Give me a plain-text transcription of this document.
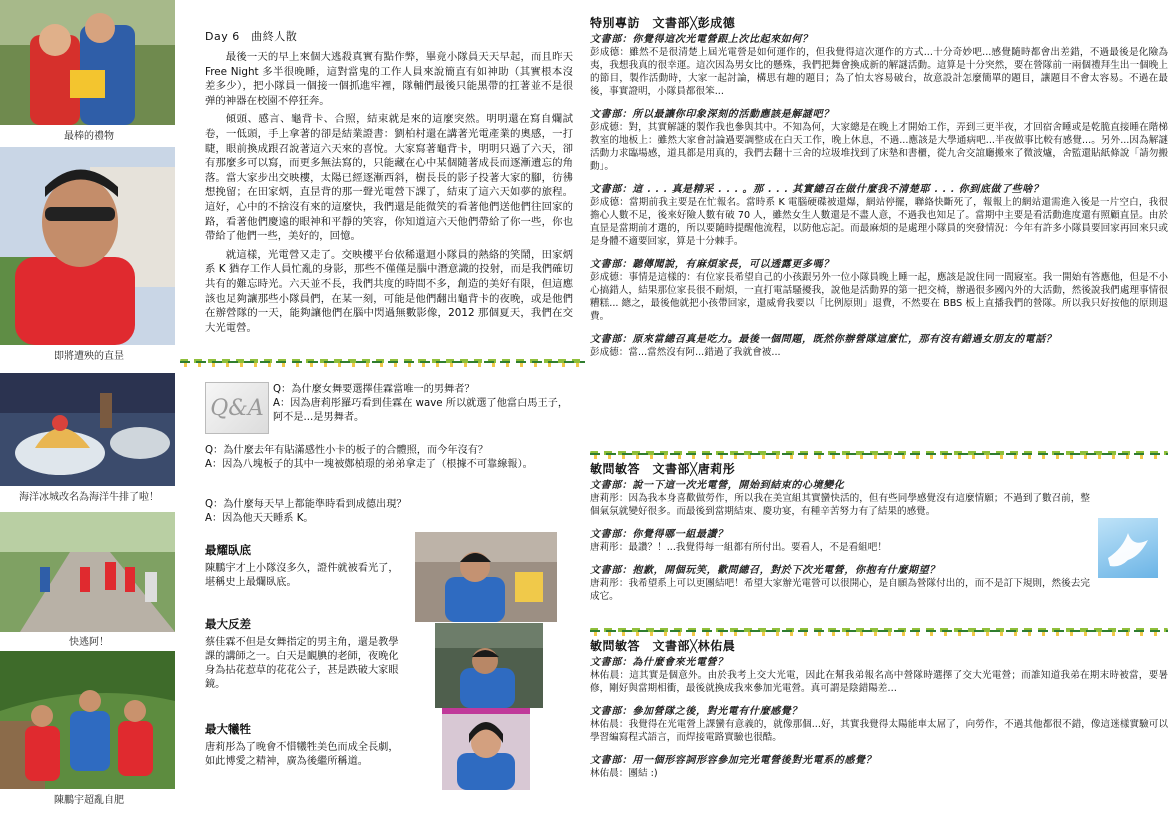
最棒的禮物
即將遭殃的直昰
海洋冰城改名為海洋牛排了啦！
快逃阿！
陳鵬宇超亂自肥
Day 6　曲終人散

最後一天的早上來個大逃殺真實有點作弊，畢竟小隊員天天早起，而且昨天 Free Night 多半很晚睡，這對當鬼的工作人員來說簡直有如神助（其實根本沒差多少），把小隊員一個接一個抓進牢裡，隊輔們最後只能黑帶的扛著並不是很弹的神器在校園不停狂奔。

傾頭、感言、龜背卡、合照，結束就是來的這麼突然。明明還在寫自爛試卷，一低頭，手上拿著的卻是結業證書：劉柏村還在講著光電產業的奧感，一打睫，眼前換成跟召說著這六天來的喜悅。大家寫著龜背卡，明明只過了六天，卻有那麼多可以寫，而更多無法寫的，只能藏在心中某個隨著成長而逐漸遺忘的角落。當大家步出交映樓，太陽已經逐漸西斜，樹長長的影子投著大家的腳，彷彿想挽留；在田家炳，直昰背的那一聲光電營下課了，結束了這六天如夢的旅程。這好，心中的不捨沒有來的這麼快，我們還是能微笑的看著他們送他們往回家的路，看著他們慶遠的眼神和平靜的笑容，你知道這六天他們帶給了你一些，你也帶給了他們一些，美好的，回憶。

就這樣，光電營又走了。交映樓平台依稀還迴小隊員的熱絡的笑鬧，田家炳系 K 猶存工作人員忙亂的身影，那些不僅僅是腦中潛意識的投射，而是我們確切共有的難忘時光。六天並不長，我們共度的時間不多，創造的美好有限，但這應該也足夠讓那些小隊員們，在某一刻，可能是他們翻出龜背卡的夜晚，或是他們在辦營隊的一天，能夠讓他們在腦中閃過無數影像，2012 那個夏天，我們在交大光電營。

Q&A
Q：為什麼女舞要選擇佳霖當唯一的男舞者？
A：因為唐莉彤羅巧看到佳霖在 wave 所以就選了他當白馬王子，阿不是...是男舞者。
Q：為什麼去年有貼滿感性小卡的板子的合體照，而今年沒有？
A：因為八塊板子的其中一塊被鄭楨璟的弟弟拿走了（根據不可靠線報）。
Q：為什麼每天早上都能準時看到成德出現？
A：因為他天天睡系 K。
最耀臥底
陳鵬宇才上小隊沒多久，證件就被看光了，堪稱史上最爛臥底。
最大反差
蔡佳霖不但是女舞指定的男主角，還是教學課的講師之一。白天是靦腆的老師，夜晚化身為拈花惹草的花花公子，甚是跌破大家眼鏡。
最大犧牲
唐莉彤為了晚會不惜犧牲美色而成全長劇，如此博愛之精神，廣為後繼所稱道。
特別專訪　文書部╳彭成德
文書部：你覺得這次光電營跟上次比起來如何？
彭成德：雖然不是很清楚上屆光電營是如何運作的，但我覺得這次運作的方式...十分奇妙吧...感覺隨時都會出差錯，不過最後是化險為夷，我想我真的很幸運。這次因為男女比的懸殊，我們把舞會換成新的解謎活動。這算是十分突然，要在營隊前一兩個禮拜生出一個晚上的節目，製作活動時，大家一起討論，構思有趣的題目；為了怕太容易破台，故意設計怎麼簡單的題目，讓題目不會太容易。不過在最後，事實證明，小隊員都很笨...
文書部：所以最讓你印象深刻的活動應該是解謎吧？
彭成德：對，其實解謎的製作我也參與其中。不知為何，大家總是在晚上才開始工作，弄到三更半夜，才回宿舍睡或是乾脆直接睡在階梯教室的地板上：雖然大家會討論過要調整成在白天工作，晚上休息，不過...應該是大學通病吧...半夜做事比較有感覺...。另外...因為解謎活動力求臨場感，道具都是用真的，我們去翻十三舍的垃圾堆找到了床墊和書櫃，從九舍交誼廳搬來了微波爐，舍監還貼紙條說「請勿搬動」。
文書部：這 . . . 真是精采 . . . 。那 . . . 其實總召在做什麼我不清楚耶 . . . 你到底做了些啥？
彭成德：當期前我主要是在忙報名。當時系 K 電腦硬碟被還爆，網站停擺，聯絡快斷死了，報報上的網站還需進入後是一片空白，我很擔心人數不足，後來好險人數有破 70 人，雖然女生人數還是不盡人意，不過我也知足了。當期中主要是看活動進度還有照顧直昰。由於直昰是當期前才選的，所以要隨時提醒他流程，以防他忘記。而最麻煩的是處理小隊員的突發情況：今年有許多小隊員要回家再回來只或是身體不適要回家，算是十分棘手。
文書部：聽傳聞說，有麻煩家長，可以透露更多嗎？
彭成德：事情是這樣的：有位家長希望自己的小孩跟另外一位小隊員晚上睡一起，應該是說住同一間寢室。我一開始有答應他，但是不小心搞錯人，結果那位家長很不耐煩，一直打電話騷擾我，說他是活動界的第一把交椅，辦過很多國內外的大活動，然後說我們處理事情很糟糕... 總之，最後他就把小孩帶回家，還威脅我要以「比例原則」退費，不然要在 BBS 板上直播我們的營隊。所以我只好按他的原則退費。
文書部：原來當總召真是吃力。最後一個問題，既然你辦營隊這麼忙，那有沒有錯過女朋友的電話？
彭成德：當...當然沒有阿...錯過了我就會被...
敏問敏答　文書部╳唐莉彤
文書部：說一下這一次光電營，開始到結束的心境變化
唐莉彤：因為我本身喜歡做勞作，所以我在美宣組其實蠻快活的，但有些同學感覺沒有這麼情願；不過到了數召前，整個氣氛就變好很多。而最後到當期結束、慶功宴，有種辛苦努力有了結果的感覺。
文書部：你覺得哪一組最讚？
唐莉彤：最讚？！...我覺得每一組都有所付出。要看人，不是看組吧！
文書部：抱歉，開個玩笑，歡問總召，對於下次光電營，你抱有什麼期望？
唐莉彤：我希望系上可以更團結吧！希望大家辦光電營可以很開心，是自願為營隊付出的，而不是訂下規則，然後去完成它。
敏問敏答　文書部╳林佑晨
文書部：為什麼會來光電營？
林佑晨：這其實是個意外。由於我考上交大光電，因此在幫我弟報名高中營隊時選擇了交大光電營；而誰知道我弟在期末時被當，要暑修，剛好與當期相衝，最後就換成我來參加光電營。真可謂是陰錯陽差…
文書部：參加營隊之後，對光電有什麼感覺？
林佑晨：我覺得在光電營上課蠻有意義的，就像那個...好，其實我覺得太陽能車太屌了，向勞作，不過其他都很不錯，像這迷樣實驗可以學習編寫程式語言，而焊接電路實驗也很酷。
文書部：用一個形容詞形容參加完光電營後對光電系的感覺？
林佑晨：團結 :)
